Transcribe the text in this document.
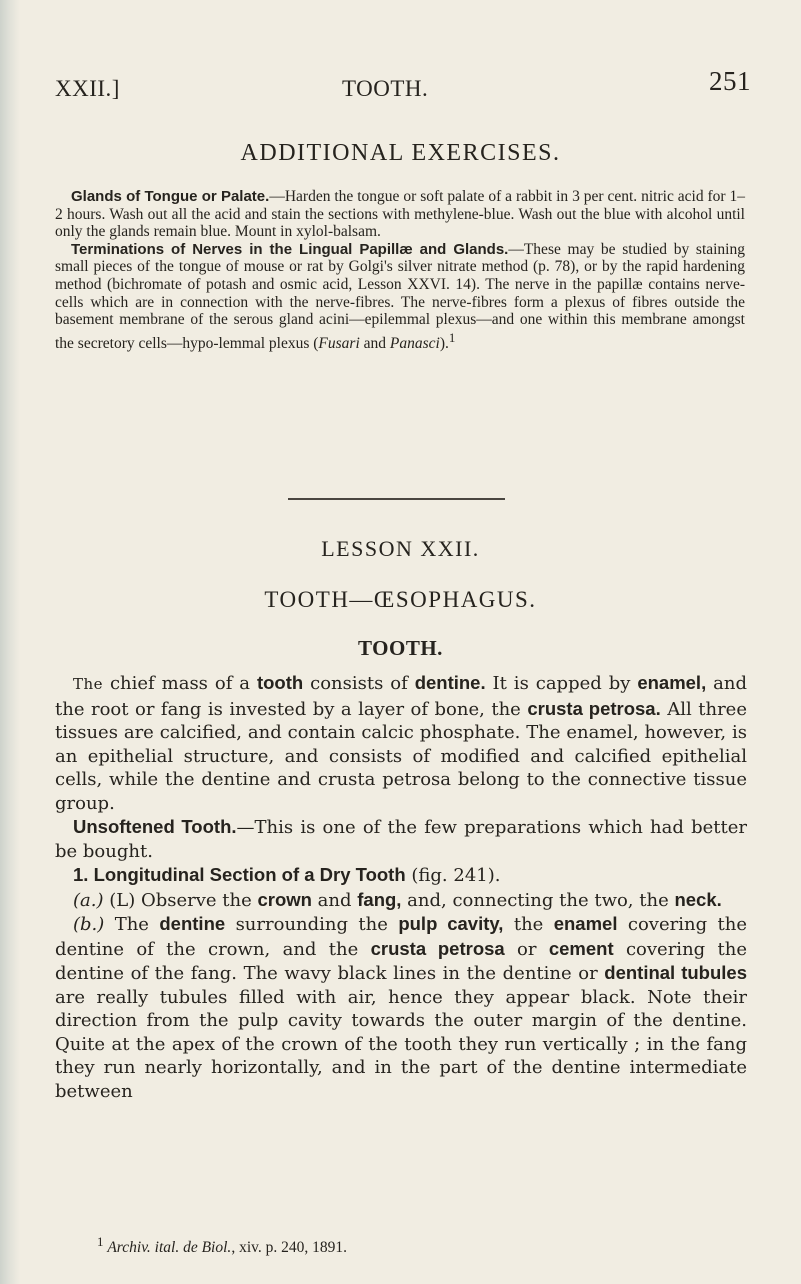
XXII.]	TOOTH.	251
ADDITIONAL EXERCISES.

Glands of Tongue or Palate.—Harden the tongue or soft palate of a rabbit in 3 per cent. nitric acid for 1–2 hours. Wash out all the acid and stain the sections with methylene-blue. Wash out the blue with alcohol until only the glands remain blue. Mount in xylol-balsam.

Terminations of Nerves in the Lingual Papillæ and Glands.—These may be studied by staining small pieces of the tongue of mouse or rat by Golgi's silver nitrate method (p. 78), or by the rapid hardening method (bichromate of potash and osmic acid, Lesson XXVI. 14). The nerve in the papillæ contains nerve-cells which are in connection with the nerve-fibres. The nerve-fibres form a plexus of fibres outside the basement membrane of the serous gland acini—epilemmal plexus—and one within this membrane amongst the secretory cells—hypo-lemmal plexus (Fusari and Panasci).$^1$

LESSON XXII.
TOOTH—ŒSOPHAGUS.
TOOTH.

The chief mass of a tooth consists of dentine. It is capped by enamel, and the root or fang is invested by a layer of bone, the crusta petrosa. All three tissues are calcified, and contain calcic phosphate. The enamel, however, is an epithelial structure, and consists of modified and calcified epithelial cells, while the dentine and crusta petrosa belong to the connective tissue group.

Unsoftened Tooth.—This is one of the few preparations which had better be bought.

1. Longitudinal Section of a Dry Tooth (fig. 241).

(a.) (L) Observe the crown and fang, and, connecting the two, the neck.

(b.) The dentine surrounding the pulp cavity, the enamel covering the dentine of the crown, and the crusta petrosa or cement covering the dentine of the fang. The wavy black lines in the dentine or dentinal tubules are really tubules filled with air, hence they appear black. Note their direction from the pulp cavity towards the outer margin of the dentine. Quite at the apex of the crown of the tooth they run vertically ; in the fang they run nearly horizontally, and in the part of the dentine intermediate between

$^1$ Archiv. ital. de Biol., xiv. p. 240, 1891.
